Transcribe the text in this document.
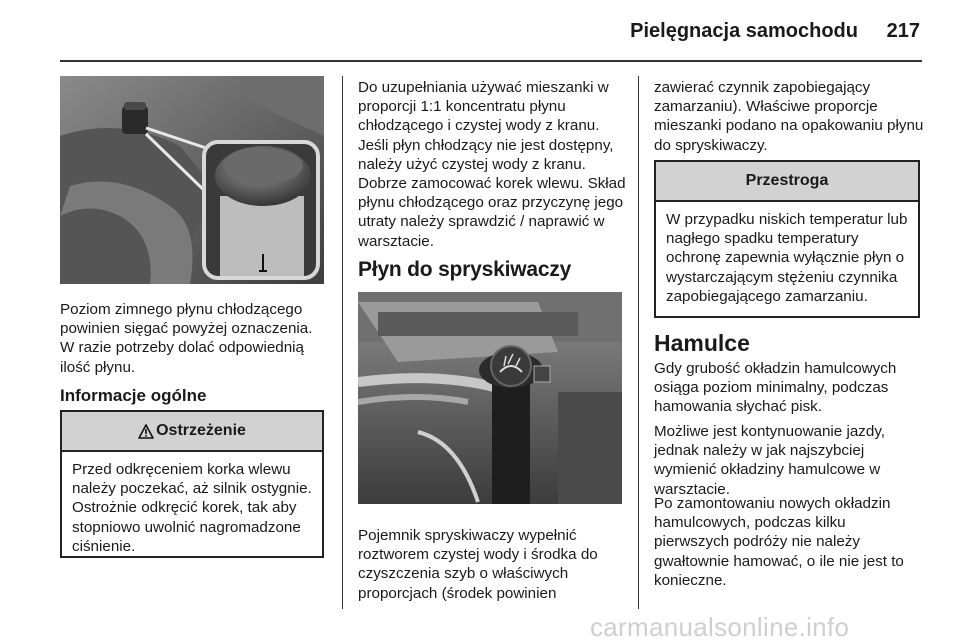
Pielęgnacja samochodu 217
Poziom zimnego płynu chłodzącego powinien sięgać powyżej oznaczenia. W razie potrzeby dolać odpowiednią ilość płynu.
Informacje ogólne
Ostrzeżenie
Przed odkręceniem korka wlewu należy poczekać, aż silnik ostygnie. Ostrożnie odkręcić korek, tak aby stopniowo uwolnić nagromadzone ciśnienie.
Do uzupełniania używać mieszanki w proporcji 1:1 koncentratu płynu chłodzącego i czystej wody z kranu. Jeśli płyn chłodzący nie jest dostępny, należy użyć czystej wody z kranu. Dobrze zamocować korek wlewu. Skład płynu chłodzącego oraz przyczynę jego utraty należy sprawdzić / naprawić w warsztacie.
Płyn do spryskiwaczy
Pojemnik spryskiwaczy wypełnić roztworem czystej wody i środka do czyszczenia szyb o właściwych proporcjach (środek powinien
zawierać czynnik zapobiegający zamarzaniu). Właściwe proporcje mieszanki podano na opakowaniu płynu do spryskiwaczy.
Przestroga
W przypadku niskich temperatur lub nagłego spadku temperatury ochronę zapewnia wyłącznie płyn o wystarczającym stężeniu czynnika zapobiegającego zamarzaniu.
Hamulce
Gdy grubość okładzin hamulcowych osiąga poziom minimalny, podczas hamowania słychać pisk.
Możliwe jest kontynuowanie jazdy, jednak należy w jak najszybciej wymienić okładziny hamulcowe w warsztacie.
Po zamontowaniu nowych okładzin hamulcowych, podczas kilku pierwszych podróży nie należy gwałtownie hamować, o ile nie jest to konieczne.
carmanualsonline.info
